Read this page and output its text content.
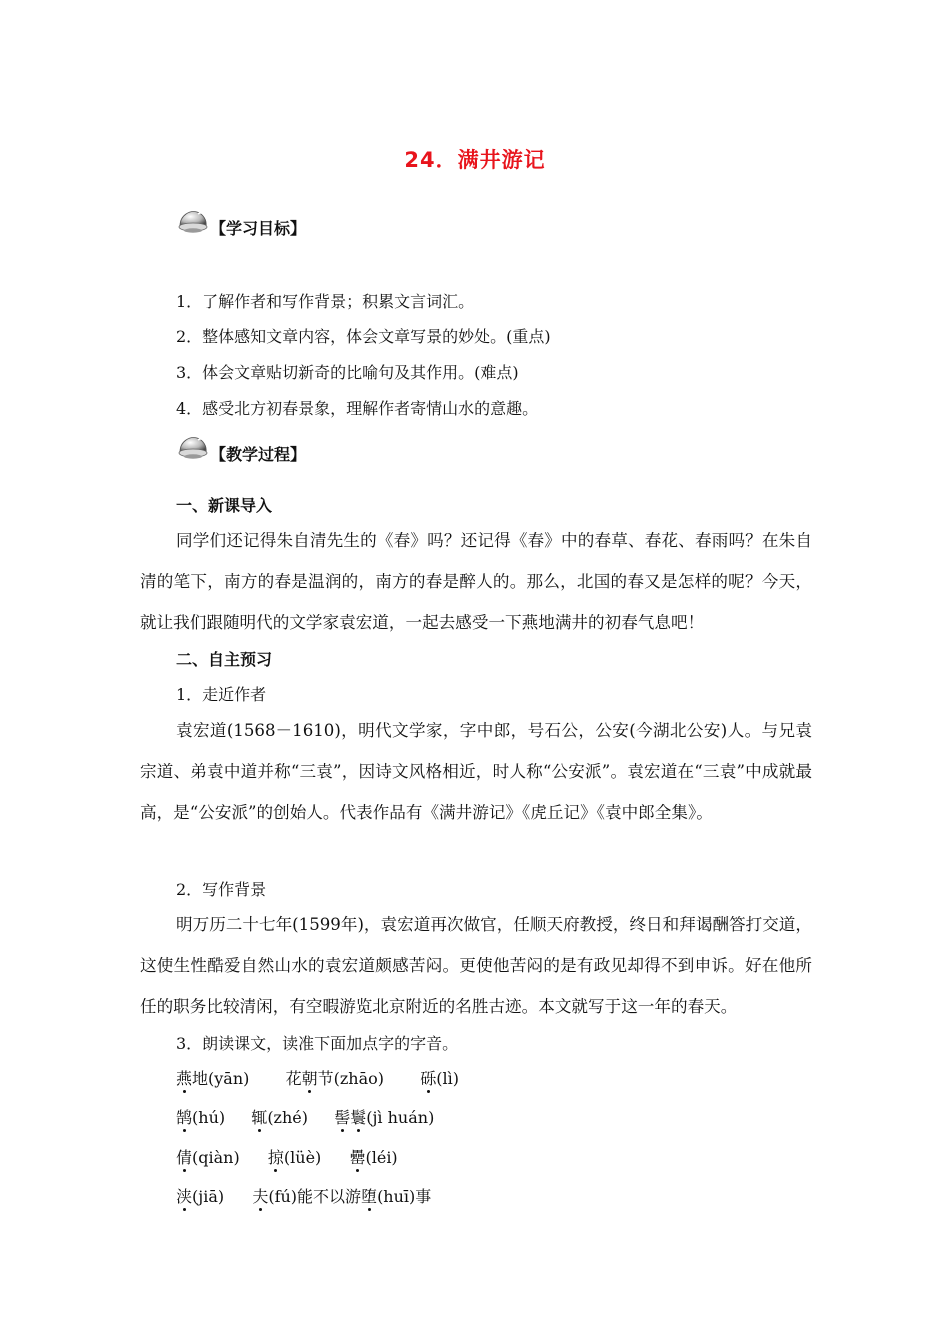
24．满井游记
【学习目标】
1．了解作者和写作背景；积累文言词汇。
2．整体感知文章内容，体会文章写景的妙处。(重点)
3．体会文章贴切新奇的比喻句及其作用。(难点)
4．感受北方初春景象，理解作者寄情山水的意趣。
【教学过程】
一、新课导入
同学们还记得朱自清先生的《春》吗？还记得《春》中的春草、春花、春雨吗？在朱自清的笔下，南方的春是温润的，南方的春是醉人的。那么，北国的春又是怎样的呢？今天，就让我们跟随明代的文学家袁宏道，一起去感受一下燕地满井的初春气息吧！
二、自主预习
1．走近作者
袁宏道(1568－1610)，明代文学家，字中郎，号石公，公安(今湖北公安)人。与兄袁宗道、弟袁中道并称“三袁”，因诗文风格相近，时人称“公安派”。袁宏道在“三袁”中成就最高，是“公安派”的创始人。代表作品有《满井游记》《虎丘记》《袁中郎全集》。
2．写作背景
明万历二十七年(1599年)，袁宏道再次做官，任顺天府教授，终日和拜谒酬答打交道，这使生性酷爱自然山水的袁宏道颇感苦闷。更使他苦闷的是有政见却得不到申诉。好在他所任的职务比较清闲，有空暇游览北京附近的名胜古迹。本文就写于这一年的春天。
3．朗读课文，读准下面加点字的字音。
燕地(yān) 花朝节(zhāo) 砾(lì)
鹄(hú) 辄(zhé) 髻鬟(jì huán)
倩(qiàn) 掠(lüè) 罍(léi)
浃(jiā) 夫(fú)能不以游堕(huī)事
